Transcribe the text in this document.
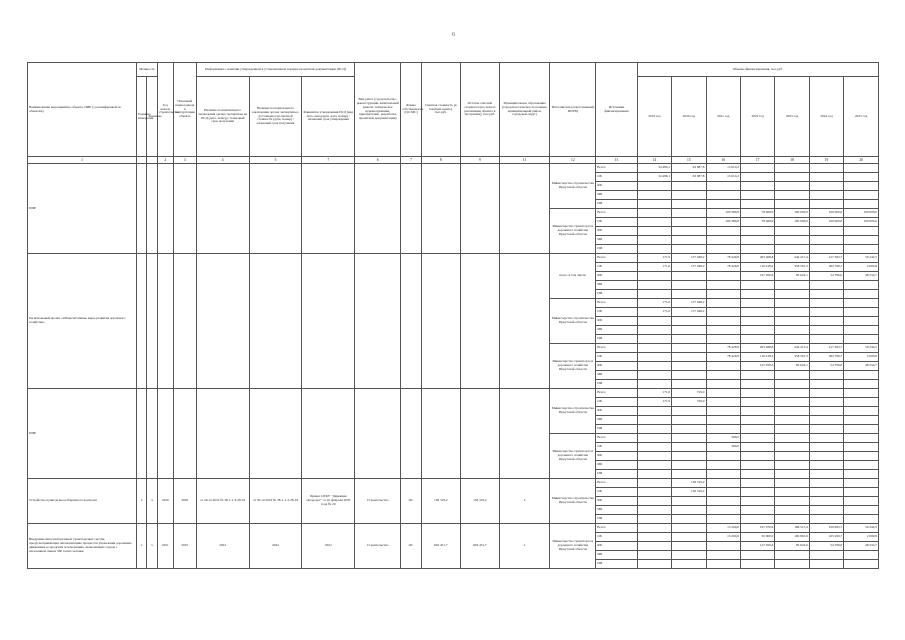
6
Наименование мероприятия, объекта, ПИР (с расшифровкой по объектам)	Мощность		Год начала строительства	Плановый период ввода в эксплуатацию объекта	Информация о наличии утвержденной в установленном порядке проектной документации (ПСД)			Вид работ (строительство, реконструкция, капитальный ремонт, техническое перевооружение, приобретение, разработка проектной документации)	Форма собственности (ОС/МС)	Сметная стоимость (в текущих ценах), тыс.руб.	Остаток сметной стоимости (на начало реализации объекта в программе), тыс.руб.	Муниципальное образование (городское/сельское поселение, муниципальный район, городской округ)	Исполнитель (ответственный ИОГВ)	Источники финансирования	Объемы финансирования, тыс.руб.						
	Единица измерения	Значение			Наличие положительного заключения органа экспертизы на ПСД (дата, номер) / плановый срок получения	Наличие положительного заключения органа экспертизы о достоверности сметной стоимости (дата, номер) / плановый срок получения	Реквизиты утверждения ПСД (вид акта, кем издан, дата, номер) / плановый срок утверждения								2019 год	2020 год	2021 год	2022 год	2023 год	2024 год	2025 год
1			2	3	4	5	7	6	7	8	9	11	12	13	14	15	16	17	18	19	20
ПИР													Министерство строительства Иркутской области	Всего	34 480,1	63 087,8	13 610,2				
														ОБ	34 480,1	63 087,8	13 610,2				
														ФБ							
														МБ							
														ИИ							
													Министерство транспорта и дорожного хозяйства Иркутской области	Всего			109 389,8	78 468,9	100 000,0	100 000,0	100 000,0
														ОБ			109 389,8	78 468,9	100 000,0	100 000,0	100 000,0
														ФБ							
														МБ							
														ИИ							
Региональный проект «Общесистемные меры развития дорожного хозяйства»													всего, в том числе:	Всего	171,0	137 048,2	78 429,8	263 408,8	444 215,4	417 363,7	50 244,5
														ОБ	171,0	137 048,2	78 429,8	116 418,2	358 591,3	362 769,7	2 009,8
														ФБ				147 050,6	85 624,1	54 796,0	48 234,7
														МБ							
														ИИ							
													Министерство строительства Иркутской области	Всего	171,0	137 048,2					
														ОБ	171,0	137 048,2					
														ФБ							
														МБ							
														ИИ							
													Министерство транспорта и дорожного хозяйства Иркутской области	Всего			78 429,8	263 468,8	444 215,4	417 363,7	50 244,5
														ОБ			78 429,8	116 418,2	358 591,3	362 769,7	2 009,8
														ФБ				147 050,6	85 624,1	54 796,0	48 234,7
														МБ							
														ИИ							
ПИР													Министерство строительства Иркутской области	Всего	171,0	729,0					
														ОБ	171,0	729,0					
														ФБ							
														МБ							
														ИИ							
													Министерство транспорта и дорожного хозяйства Иркутской области	Всего			300,0				
														ОБ			300,0				
														ФБ							
														МБ							
														ИИ							
Устройство пунктов весогабаритного контроля	х	х	2020	2020	от 26.12.2019 № 38-1-1-3-28-19	от 30.12.2019 № 38-1-1-3-28-19	Приказ ОГКУ "Дирекция автодорог" от 10 февраля 2020 года № 29	Строительство	ОС	136 319,2	136 319,2	х	Министерство строительства Иркутской области	Всего		136 319,2					
														ОБ		136 319,2					
														ФБ							
														МБ							
														ИИ							
Внедрение интеллектуальных транспортных систем, предусматривающих автоматизацию процессов управления дорожным движением в городских агломерациях, включающих города с населением свыше 300 тысяч человек	х	х	2021	2025	2022	2022	2022	Строительство	ОС	694 451,7	694 451,7	х	Министерство транспорта и дорожного хозяйства Иркутской области	Всего			15 200,0	197 070,6	186 515,4	259 065,7	50 244,5
														ОБ			15 200,0	50 000,0	100 891,9	165 269,7	2 009,8
														ФБ				147 050,6	85 624,0	54 796,0	48 234,7
														МБ							
														ИИ							
